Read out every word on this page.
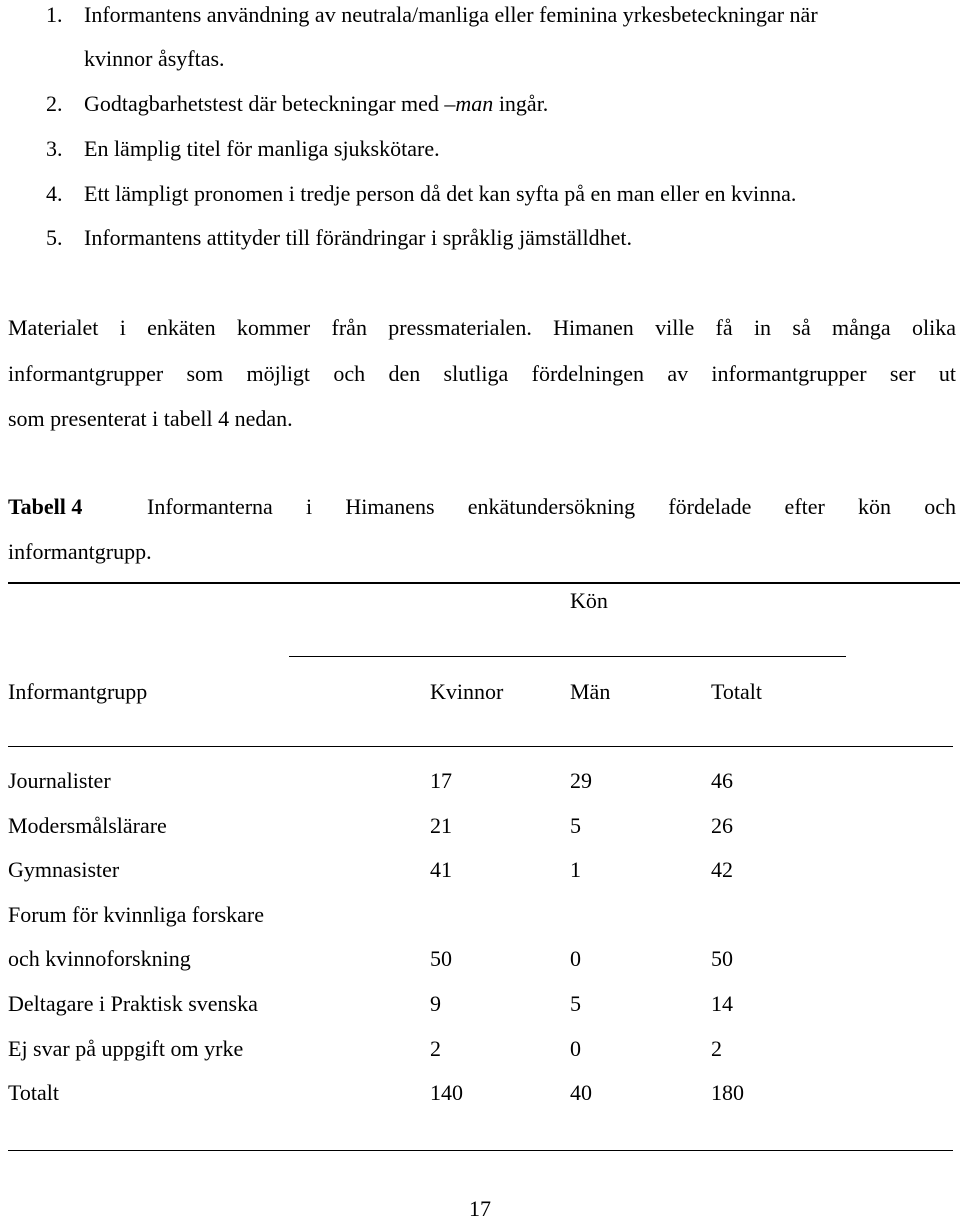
1. Informantens användning av neutrala/manliga eller feminina yrkesbeteckningar när
kvinnor åsyftas.
2. Godtagbarhetstest där beteckningar med –man ingår.
3. En lämplig titel för manliga sjukskötare.
4. Ett lämpligt pronomen i tredje person då det kan syfta på en man eller en kvinna.
5. Informantens attityder till förändringar i språklig jämställdhet.
Materialet i enkäten kommer från pressmaterialen. Himanen ville få in så många olika
informantgrupper som möjligt och den slutliga fördelningen av informantgrupper ser ut
som presenterat i tabell 4 nedan.
Tabell 4	Informanterna i Himanens enkätundersökning fördelade efter kön och
informantgrupp.
Kön
Informantgrupp	Kvinnor	Män	Totalt
Journalister	17	29	46
Modersmålslärare	21	5	26
Gymnasister	41	1	42
Forum för kvinnliga forskare
och kvinnoforskning	50	0	50
Deltagare i Praktisk svenska	9	5	14
Ej svar på uppgift om yrke	2	0	2
Totalt	140	40	180
17
